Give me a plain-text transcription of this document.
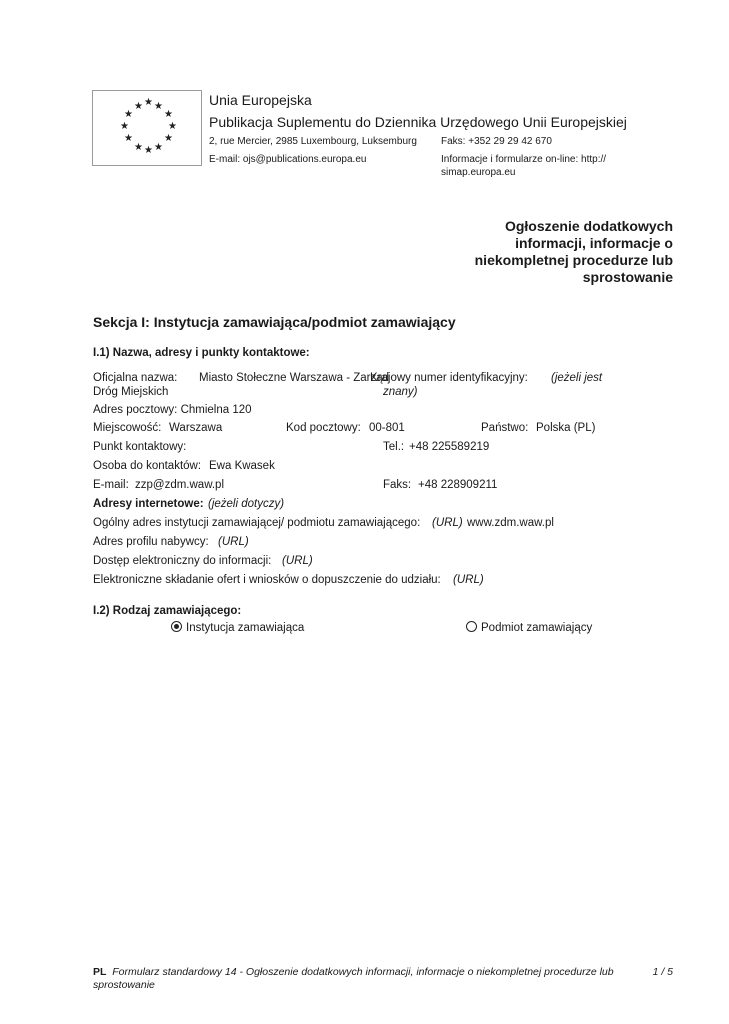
★ ★ ★
★	★
★	★
★	★
★ ★ ★
Unia Europejska
Publikacja Suplementu do Dziennika Urzędowego Unii Europejskiej
2, rue Mercier, 2985 Luxembourg, Luksemburg Faks: +352 29 29 42 670
E-mail: ojs@publications.europa.eu	Informacje i formularze on-line: http://
simap.europa.eu
Ogłoszenie dodatkowych informacji, informacje o niekompletnej procedurze lub sprostowanie
Sekcja I: Instytucja zamawiająca/podmiot zamawiający
I.1) Nazwa, adresy i punkty kontaktowe:
Oficjalna nazwa: Miasto Stołeczne Warszawa - Zarząd
Dróg Miejskich
Krajowy numer identyfikacyjny: (jeżeli jest
znany)
Adres pocztowy: Chmielna 120
Miejscowość: Warszawa	Kod pocztowy: 00-801	Państwo: Polska (PL)
Punkt kontaktowy:	Tel.: +48 225589219
Osoba do kontaktów: Ewa Kwasek
E-mail: zzp@zdm.waw.pl	Faks: +48 228909211
Adresy internetowe: (jeżeli dotyczy)
Ogólny adres instytucji zamawiającej/ podmiotu zamawiającego: (URL) www.zdm.waw.pl
Adres profilu nabywcy: (URL)
Dostęp elektroniczny do informacji: (URL)
Elektroniczne składanie ofert i wniosków o dopuszczenie do udziału: (URL)
I.2) Rodzaj zamawiającego:
Instytucja zamawiająca	Podmiot zamawiający
PL Formularz standardowy 14 - Ogłoszenie dodatkowych informacji, informacje o niekompletnej procedurze lub sprostowanie
1 / 5
